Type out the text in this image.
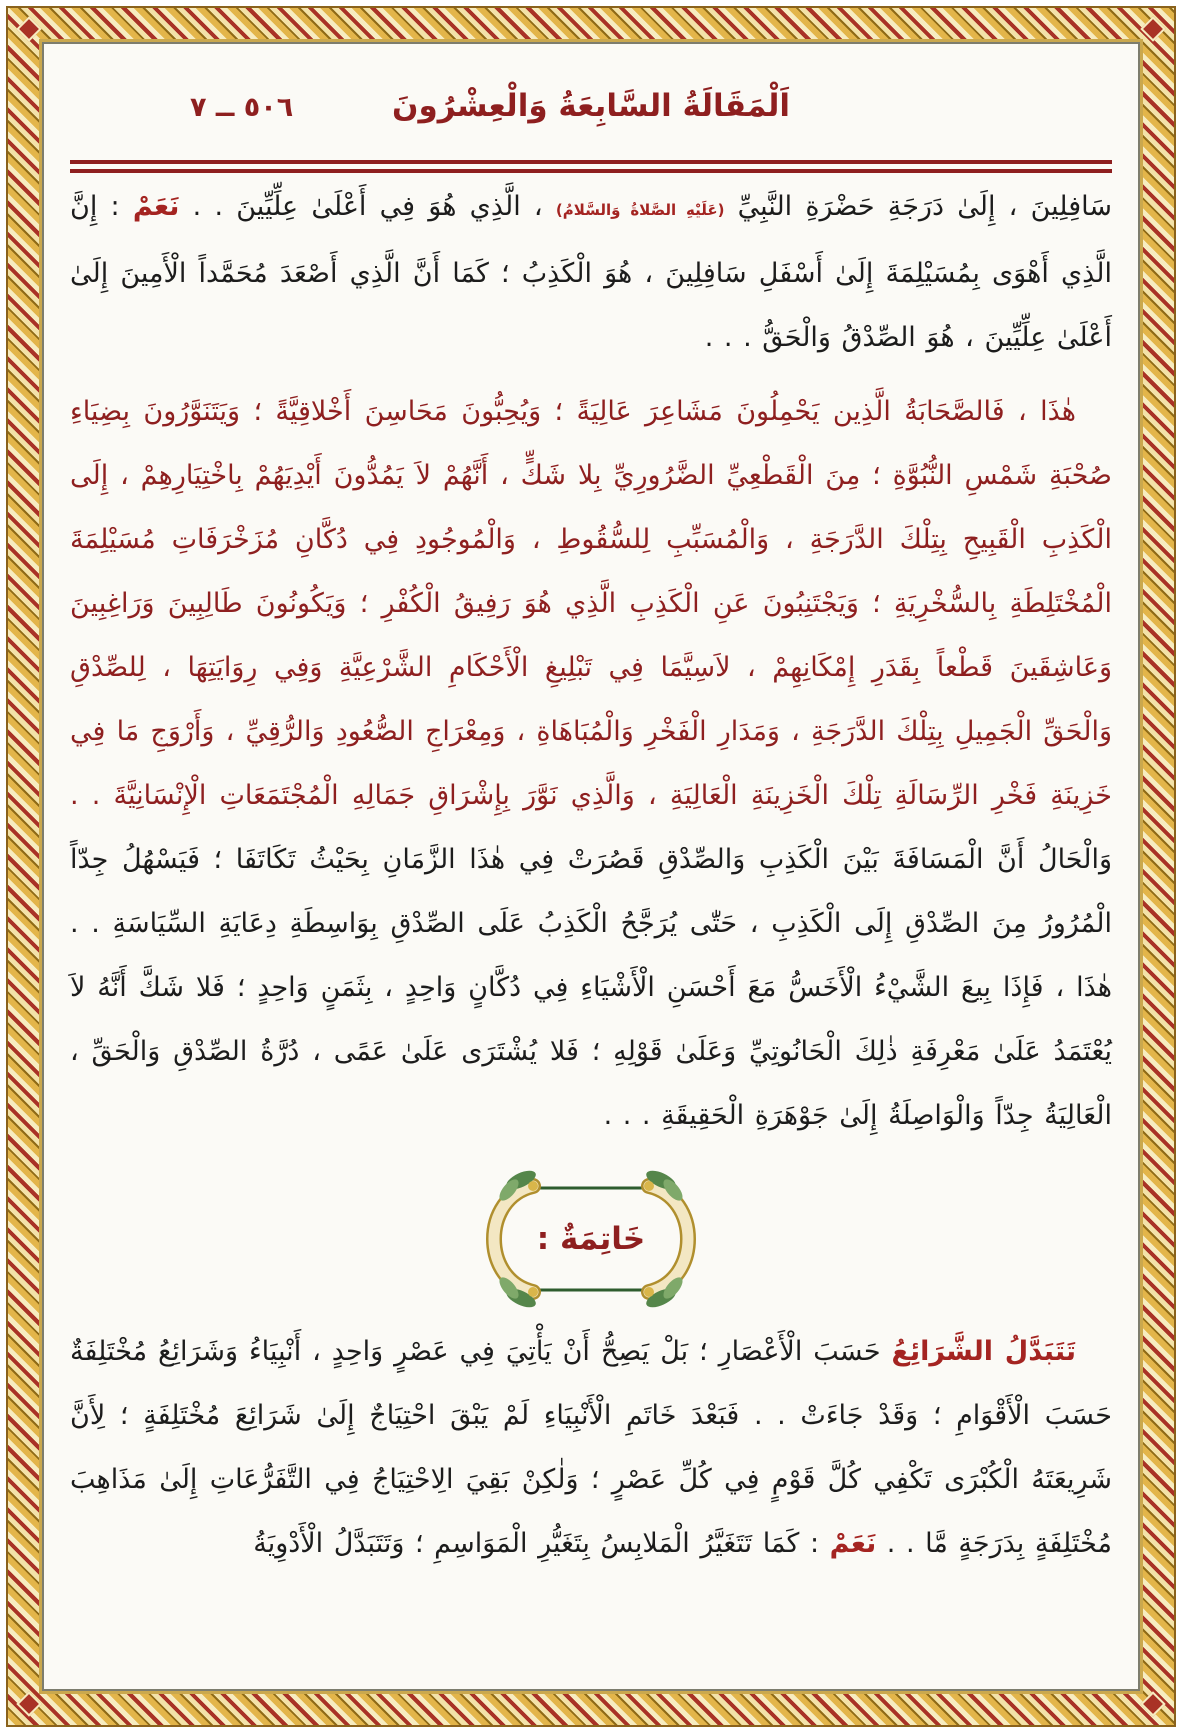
اَلْمَقَالَةُ السَّابِعَةُ وَالْعِشْرُونَ
٥٠٦ ــ ٧

سَافِلِينَ ، إِلَىٰ دَرَجَةِ حَضْرَةِ النَّبِيِّ (عَلَيْهِ الصَّلاةُ وَالسَّلامُ) ، الَّذِي هُوَ فِي أَعْلَىٰ عِلِّيِّينَ . . نَعَمْ : إِنَّ الَّذِي أَهْوَى بِمُسَيْلِمَةَ إِلَىٰ أَسْفَلِ سَافِلِينَ ، هُوَ الْكَذِبُ ؛ كَمَا أَنَّ الَّذِي أَصْعَدَ مُحَمَّداً الْأَمِينَ إِلَىٰ أَعْلَىٰ عِلِّيِّينَ ، هُوَ الصِّدْقُ وَالْحَقُّ . . .

هٰذَا ، فَالصَّحَابَةُ الَّذِين يَحْمِلُونَ مَشَاعِرَ عَالِيَةً ؛ وَيُحِبُّونَ مَحَاسِنَ أَخْلاقِيَّةً ؛ وَيَتَنَوَّرُونَ بِضِيَاءِ صُحْبَةِ شَمْسِ النُّبُوَّةِ ؛ مِنَ الْقَطْعِيِّ الضَّرُورِيِّ بِلا شَكٍّ ، أَنَّهُمْ لاَ يَمُدُّونَ أَيْدِيَهُمْ بِاخْتِيَارِهِمْ ، إِلَى الْكَذِبِ الْقَبِيحِ بِتِلْكَ الدَّرَجَةِ ، وَالْمُسَبِّبِ لِلسُّقُوطِ ، وَالْمُوجُودِ فِي دُكَّانِ مُزَخْرَفَاتِ مُسَيْلِمَةَ الْمُخْتَلِطَةِ بِالسُّخْرِيَةِ ؛ وَيَجْتَنِبُونَ عَنِ الْكَذِبِ الَّذِي هُوَ رَفِيقُ الْكُفْرِ ؛ وَيَكُونُونَ طَالِبِينَ وَرَاغِبِينَ وَعَاشِقَينَ قَطْعاً بِقَدَرِ إِمْكَانِهِمْ ، لاَسِيَّمَا فِي تَبْلِيغِ الْأَحْكَامِ الشَّرْعِيَّةِ وَفِي رِوَايَتِهَا ، لِلصِّدْقِ وَالْحَقِّ الْجَمِيلِ بِتِلْكَ الدَّرَجَةِ ، وَمَدَارِ الْفَخْرِ وَالْمُبَاهَاةِ ، وَمِعْرَاجِ الصُّعُودِ وَالرُّقِيِّ ، وَأَرْوَجِ مَا فِي خَزِينَةِ فَخْرِ الرِّسَالَةِ تِلْكَ الْخَزِينَةِ الْعَالِيَةِ ، وَالَّذِي نَوَّرَ بِإِشْرَاقِ جَمَالِهِ الْمُجْتَمَعَاتِ الْإِنْسَانِيَّةَ . . وَالْحَالُ أَنَّ الْمَسَافَةَ بَيْنَ الْكَذِبِ وَالصِّدْقِ قَصُرَتْ فِي هٰذَا الزَّمَانِ بِحَيْثُ تَكَاتَفَا ؛ فَيَسْهُلُ جِدّاً الْمُرُورُ مِنَ الصِّدْقِ إِلَى الْكَذِبِ ، حَتّٰى يُرَجَّحُ الْكَذِبُ عَلَى الصِّدْقِ بِوَاسِطَةِ دِعَايَةِ السِّيَاسَةِ . . هٰذَا ، فَإِذَا بِيعَ الشَّيْءُ الْأَخَسُّ مَعَ أَحْسَنِ الْأَشْيَاءِ فِي دُكَّانٍ وَاحِدٍ ، بِثَمَنٍ وَاحِدٍ ؛ فَلا شَكَّ أَنَّهُ لاَ يُعْتَمَدُ عَلَىٰ مَعْرِفَةِ ذٰلِكَ الْحَانُوتِيِّ وَعَلَىٰ قَوْلِهِ ؛ فَلا يُشْتَرَى عَلَىٰ عَمًى ، دُرَّةُ الصِّدْقِ وَالْحَقِّ ، الْعَالِيَةُ جِدّاً وَالْوَاصِلَةُ إِلَىٰ جَوْهَرَةِ الْحَقِيقَةِ . . .

خَاتِمَةٌ :

تَتَبَدَّلُ الشَّرَائِعُ حَسَبَ الْأَعْصَارِ ؛ بَلْ يَصِحُّ أَنْ يَأْتِيَ فِي عَصْرٍ وَاحِدٍ ، أَنْبِيَاءُ وَشَرَائِعُ مُخْتَلِفَةٌ حَسَبَ الْأَقْوَامِ ؛ وَقَدْ جَاءَتْ . . فَبَعْدَ خَاتَمِ الْأَنْبِيَاءِ لَمْ يَبْقَ احْتِيَاجٌ إِلَىٰ شَرَائِعَ مُخْتَلِفَةٍ ؛ لِأَنَّ شَرِيعَتَهُ الْكُبْرَى تَكْفِي كُلَّ قَوْمٍ فِي كُلِّ عَصْرٍ ؛ وَلٰكِنْ بَقِيَ الِاحْتِيَاجُ فِي التَّفَرُّعَاتِ إِلَىٰ مَذَاهِبَ مُخْتَلِفَةٍ بِدَرَجَةٍ مَّا . . نَعَمْ : كَمَا تَتَغَيَّرُ الْمَلابِسُ بِتَغَيُّرِ الْمَوَاسِمِ ؛ وَتَتَبَدَّلُ الْأَدْوِيَةُ
